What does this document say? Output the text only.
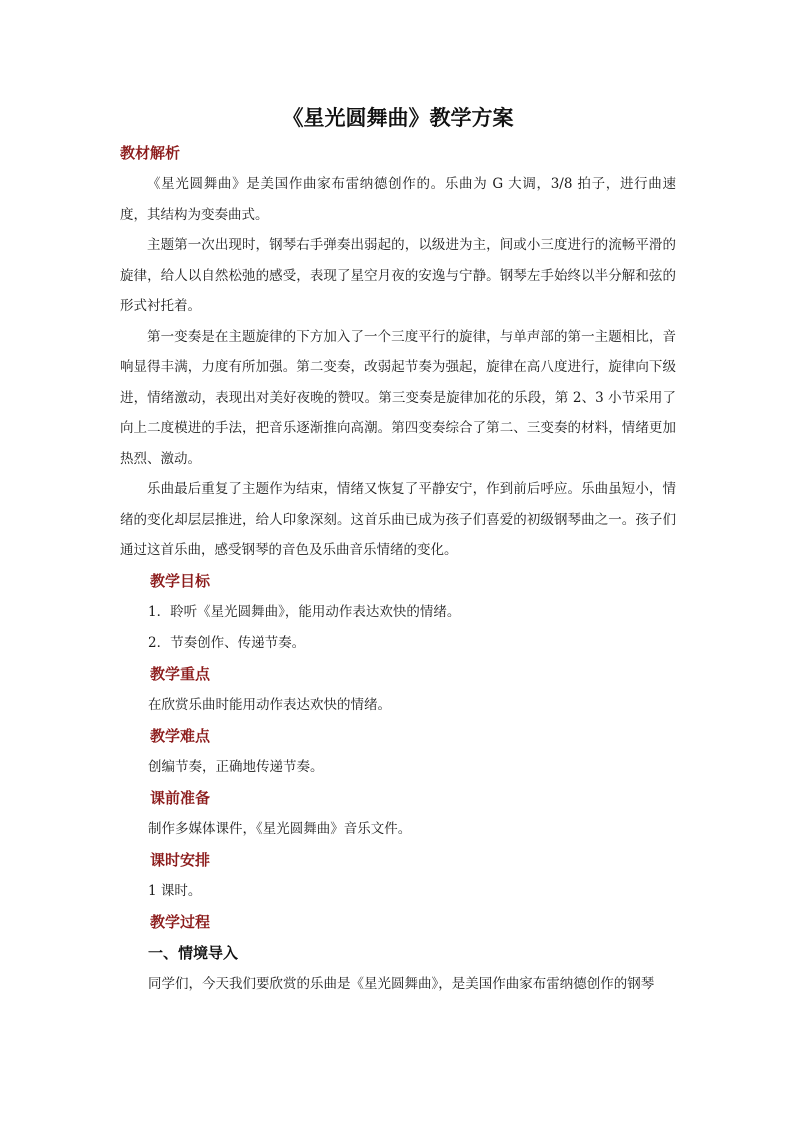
《星光圆舞曲》教学方案
教材解析

《星光圆舞曲》是美国作曲家布雷纳德创作的。乐曲为 G 大调，3/8 拍子，进行曲速度，其结构为变奏曲式。

主题第一次出现时，钢琴右手弹奏出弱起的，以级进为主，间或小三度进行的流畅平滑的旋律，给人以自然松弛的感受，表现了星空月夜的安逸与宁静。钢琴左手始终以半分解和弦的形式衬托着。

第一变奏是在主题旋律的下方加入了一个三度平行的旋律，与单声部的第一主题相比，音响显得丰满，力度有所加强。第二变奏，改弱起节奏为强起，旋律在高八度进行，旋律向下级进，情绪激动，表现出对美好夜晚的赞叹。第三变奏是旋律加花的乐段，第 2、3 小节采用了向上二度模进的手法，把音乐逐渐推向高潮。第四变奏综合了第二、三变奏的材料，情绪更加热烈、激动。

乐曲最后重复了主题作为结束，情绪又恢复了平静安宁，作到前后呼应。乐曲虽短小，情绪的变化却层层推进，给人印象深刻。这首乐曲已成为孩子们喜爱的初级钢琴曲之一。孩子们通过这首乐曲，感受钢琴的音色及乐曲音乐情绪的变化。

教学目标

1．聆听《星光圆舞曲》，能用动作表达欢快的情绪。

2．节奏创作、传递节奏。

教学重点

在欣赏乐曲时能用动作表达欢快的情绪。

教学难点

创编节奏，正确地传递节奏。

课前准备

制作多媒体课件，《星光圆舞曲》音乐文件。

课时安排

1 课时。

教学过程
一、情境导入

同学们，今天我们要欣赏的乐曲是《星光圆舞曲》，是美国作曲家布雷纳德创作的钢琴
